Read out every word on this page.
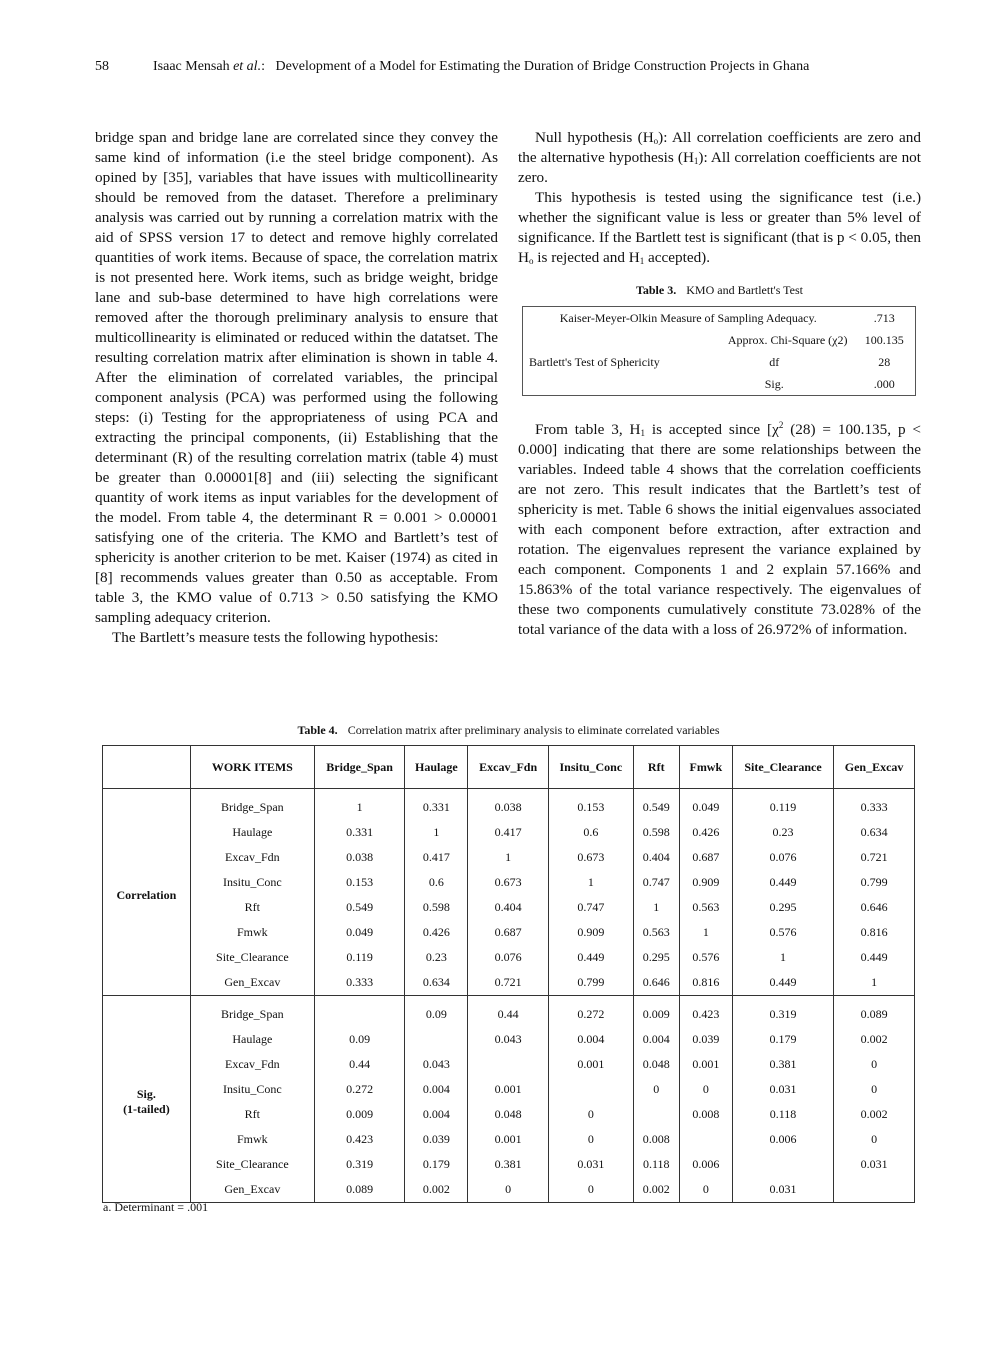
58	Isaac Mensah et al.: Development of a Model for Estimating the Duration of Bridge Construction Projects in Ghana

bridge span and bridge lane are correlated since they convey the same kind of information (i.e the steel bridge component). As opined by [35], variables that have issues with multicollinearity should be removed from the dataset. Therefore a preliminary analysis was carried out by running a correlation matrix with the aid of SPSS version 17 to detect and remove highly correlated quantities of work items. Because of space, the correlation matrix is not presented here. Work items, such as bridge weight, bridge lane and sub-base determined to have high correlations were removed after the thorough preliminary analysis to ensure that multicollinearity is eliminated or reduced within the datatset. The resulting correlation matrix after elimination is shown in table 4. After the elimination of correlated variables, the principal component analysis (PCA) was performed using the following steps: (i) Testing for the appropriateness of using PCA and extracting the principal components, (ii) Establishing that the determinant (R) of the resulting correlation matrix (table 4) must be greater than 0.00001[8] and (iii) selecting the significant quantity of work items as input variables for the development of the model. From table 4, the determinant R = 0.001 > 0.00001 satisfying one of the criteria. The KMO and Bartlett’s test of sphericity is another criterion to be met. Kaiser (1974) as cited in [8] recommends values greater than 0.50 as acceptable. From table 3, the KMO value of 0.713 > 0.50 satisfying the KMO sampling adequacy criterion.

The Bartlett’s measure tests the following hypothesis:

Null hypothesis $(H_o)$: All correlation coefficients are zero and the alternative hypothesis $(H_1)$: All correlation coefficients are not zero.

This hypothesis is tested using the significance test (i.e.) whether the significant value is less or greater than 5% level of significance. If the Bartlett test is significant (that is p < 0.05, then $H_o$ is rejected and $H_1$ accepted).

Table 3. KMO and Bartlett's Test

From table 3, $H_1$ is accepted since [$\chi^2$ (28) = 100.135, p < 0.000] indicating that there are some relationships between the variables. Indeed table 4 shows that the correlation coefficients are not zero. This result indicates that the Bartlett’s test of sphericity is met. Table 6 shows the initial eigenvalues associated with each component before extraction, after extraction and rotation. The eigenvalues represent the variance explained by each component. Components 1 and 2 explain 57.166% and 15.863% of the total variance respectively. The eigenvalues of these two components cumulatively constitute 73.028% of the total variance of the data with a loss of 26.972% of information.

Kaiser-Meyer-Olkin Measure of Sampling Adequacy.		.713
Bartlett's Test of Sphericity	Approx. Chi-Square (χ2)	100.135
	df	28
	Sig.	.000
Table 4. Correlation matrix after preliminary analysis to eliminate correlated variables
	WORK ITEMS	Bridge_Span	Haulage	Excav_Fdn	Insitu_Conc	Rft	Fmwk	Site_Clearance	Gen_Excav
Correlation	Bridge_Span	1	0.331	0.038	0.153	0.549	0.049	0.119	0.333
	Haulage	0.331	1	0.417	0.6	0.598	0.426	0.23	0.634
	Excav_Fdn	0.038	0.417	1	0.673	0.404	0.687	0.076	0.721
	Insitu_Conc	0.153	0.6	0.673	1	0.747	0.909	0.449	0.799
	Rft	0.549	0.598	0.404	0.747	1	0.563	0.295	0.646
	Fmwk	0.049	0.426	0.687	0.909	0.563	1	0.576	0.816
	Site_Clearance	0.119	0.23	0.076	0.449	0.295	0.576	1	0.449
	Gen_Excav	0.333	0.634	0.721	0.799	0.646	0.816	0.449	1
Sig.
(1-tailed)	Bridge_Span		0.09	0.44	0.272	0.009	0.423	0.319	0.089
	Haulage	0.09		0.043	0.004	0.004	0.039	0.179	0.002
	Excav_Fdn	0.44	0.043		0.001	0.048	0.001	0.381	0
	Insitu_Conc	0.272	0.004	0.001		0	0	0.031	0
	Rft	0.009	0.004	0.048	0		0.008	0.118	0.002
	Fmwk	0.423	0.039	0.001	0	0.008		0.006	0
	Site_Clearance	0.319	0.179	0.381	0.031	0.118	0.006		0.031
	Gen_Excav	0.089	0.002	0	0	0.002	0	0.031	
a. Determinant = .001
